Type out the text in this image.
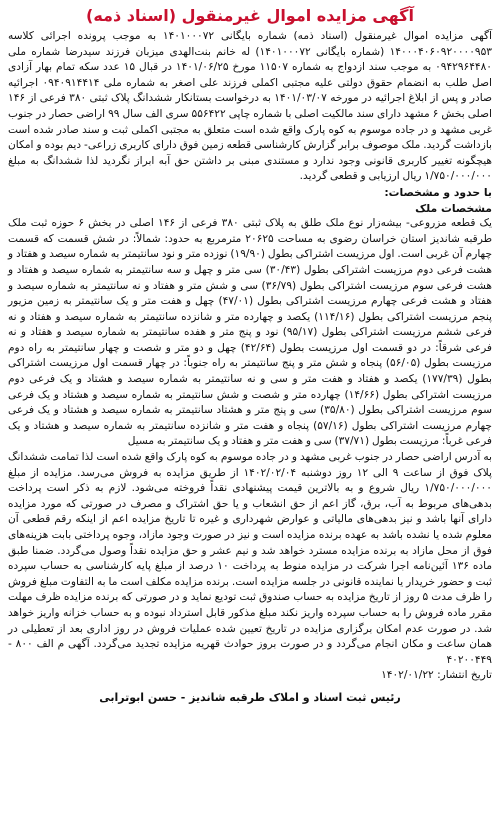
آگهی مزایده اموال غیرمنقول (اسناد ذمه)

آگهی مزایده اموال غیرمنقول (اسناد ذمه) شماره بایگانی ۱۴۰۱۰۰۰۷۲ به موجب پرونده اجرائی کلاسه ۱۴۰۰۰۴۰۶۰۹۲۰۰۰۰۹۵۳ (شماره بایگانی ۱۴۰۱۰۰۰۷۲) له خانم بنت‌الهدی میزبان فرزند سیدرضا شماره ملی ۰۹۴۲۹۶۴۴۸۰ به موجب سند ازدواج به شماره ۱۱۵۰۷ مورخ ۱۴۰۱/۰۶/۲۵ در قبال ۱۵ عدد سکه تمام بهار آزادی اصل طلب به انضمام حقوق دولتی علیه مجتبی اکملی فرزند علی اصغر به شماره ملی ۰۹۴۰۹۱۴۴۱۴ اجرائیه صادر و پس از ابلاغ اجرائیه در مورخه ۱۴۰۱/۰۳/۰۷ به درخواست بستانکار ششدانگ پلاک ثبتی ۳۸۰ فرعی از ۱۴۶ اصلی بخش ۶ مشهد دارای سند مالکیت اصلی با شماره چاپی ۵۵۶۴۲۲ سری الف سال ۹۹ اراضی حصار در جنوب غربی مشهد و در جاده موسوم به کوه پارک واقع شده است متعلق به مجتبی اکملی ثبت و سند صادر شده است بازداشت گردید. ملک موصوف برابر گزارش کارشناسی قطعه زمین فوق دارای کاربری زراعی- دیم بوده و امکان هیچگونه تغییر کاربری قانونی وجود ندارد و مستندی مبنی بر داشتن حق آبه ابراز نگردید لذا ششدانگ به مبلغ ۱/۷۵۰/۰۰۰/۰۰۰ ریال ارزیابی و قطعی گردید.

با حدود و مشخصات:

مشخصات ملک

یک قطعه مزروعی- بیشه‌زار نوع ملک طلق به پلاک ثبتی ۳۸۰ فرعی از ۱۴۶ اصلی در بخش ۶ حوزه ثبت ملک طرقبه شاندیز استان خراسان رضوی به مساحت ۲۰۶۲۵ مترمربع به حدود: شمالاً: در شش قسمت که قسمت چهارم آن غربی است. اول مرزیست اشتراکی بطول (۱۹/۹۰) نوزده متر و نود سانتیمتر به شماره سیصد و هفتاد و هشت فرعی دوم مرزیست اشتراکی بطول (۳۰/۴۳) سی متر و چهل و سه سانتیمتر به شماره سیصد و هفتاد و هشت فرعی سوم مرزیست اشتراکی بطول (۳۶/۷۹) سی و شش متر و هفتاد و نه سانتیمتر به شماره سیصد و هفتاد و هشت فرعی چهارم مرزیست اشتراکی بطول (۴۷/۰۱) چهل و هفت متر و یک سانتیمتر به زمین مزیور پنجم مرزیست اشتراکی بطول (۱۱۴/۱۶) یکصد و چهارده متر و شانزده سانتیمتر به شماره سیصد و هفتاد و نه فرعی ششم مرزیست اشتراکی بطول (۹۵/۱۷) نود و پنج متر و هفده سانتیمتر به شماره سیصد و هفتاد و نه فرعی شرقاً: در دو قسمت اول مرزیست بطول (۴۲/۶۴) چهل و دو متر و شصت و چهار سانتیمتر به راه دوم مرزیست بطول (۵۶/۰۵) پنجاه و شش متر و پنج سانتیمتر به راه جنوباً: در چهار قسمت اول مرزیست اشتراکی بطول (۱۷۷/۳۹) یکصد و هفتاد و هفت متر و سی و نه سانتیمتر به شماره سیصد و هشتاد و یک فرعی دوم مرزیست اشتراکی بطول (۱۴/۶۶) چهارده متر و شصت و شش سانتیمتر به شماره سیصد و هشتاد و یک فرعی سوم مرزیست اشتراکی بطول (۳۵/۸۰) سی و پنج متر و هشتاد سانتیمتر به شماره سیصد و هشتاد و یک فرعی چهارم مرزیست اشتراکی بطول (۵۷/۱۶) پنجاه و هفت متر و شانزده سانتیمتر به شماره سیصد و هشتاد و یک فرعی غرباً: مرزیست بطول (۳۷/۷۱) سی و هفت متر و هفتاد و یک سانتیمتر به مسیل

به آدرس اراضی حصار در جنوب غربی مشهد و در جاده موسوم به کوه پارک واقع شده است لذا تمامت ششدانگ پلاک فوق از ساعت ۹ الی ۱۲ روز دوشنبه ۱۴۰۲/۰۲/۰۴ از طریق مزایده به فروش می‌رسد. مزایده از مبلغ ۱/۷۵۰/۰۰۰/۰۰۰ ریال شروع و به بالاترین قیمت پیشنهادی نقداً فروخته می‌شود. لازم به ذکر است پرداخت بدهی‌های مربوط به آب، برق، گاز اعم از حق انشعاب و یا حق اشتراک و مصرف در صورتی که مورد مزایده دارای آنها باشد و نیز بدهی‌های مالیاتی و عوارض شهرداری و غیره تا تاریخ مزایده اعم از اینکه رقم قطعی آن معلوم شده یا نشده باشد به عهده برنده مزایده است و نیز در صورت وجود مازاد، وجوه پرداختی بابت هزینه‌های فوق از محل مازاد به برنده مزایده مسترد خواهد شد و نیم عشر و حق مزایده نقداً وصول می‌گردد. ضمنا طبق ماده ۱۳۶ آئین‌نامه اجرا شرکت در مزایده منوط به پرداخت ۱۰ درصد از مبلغ پایه کارشناسی به حساب سپرده ثبت و حضور خریدار یا نماینده قانونی در جلسه مزایده است. برنده مزایده مکلف است ما به التفاوت مبلغ فروش را ظرف مدت ۵ روز از تاریخ مزایده به حساب صندوق ثبت تودیع نماید و در صورتی که برنده مزایده ظرف مهلت مقرر ماده فروش را به حساب سپرده واریز نکند مبلغ مذکور قابل استرداد نبوده و به حساب خزانه واریز خواهد شد. در صورت عدم امکان برگزاری مزایده در تاریخ تعیین شده عملیات فروش در روز اداری بعد از تعطیلی در همان ساعت و مکان انجام می‌گردد و در صورت بروز حوادث قهریه مزایده تجدید می‌گردد. آگهی م الف ۸۰۰ - ۴۰۲۰۰۴۴۹

تاریخ انتشار: ۱۴۰۲/۰۱/۲۲

رئیس ثبت اسناد و املاک طرقبه شاندیز - حسن ابوترابی
